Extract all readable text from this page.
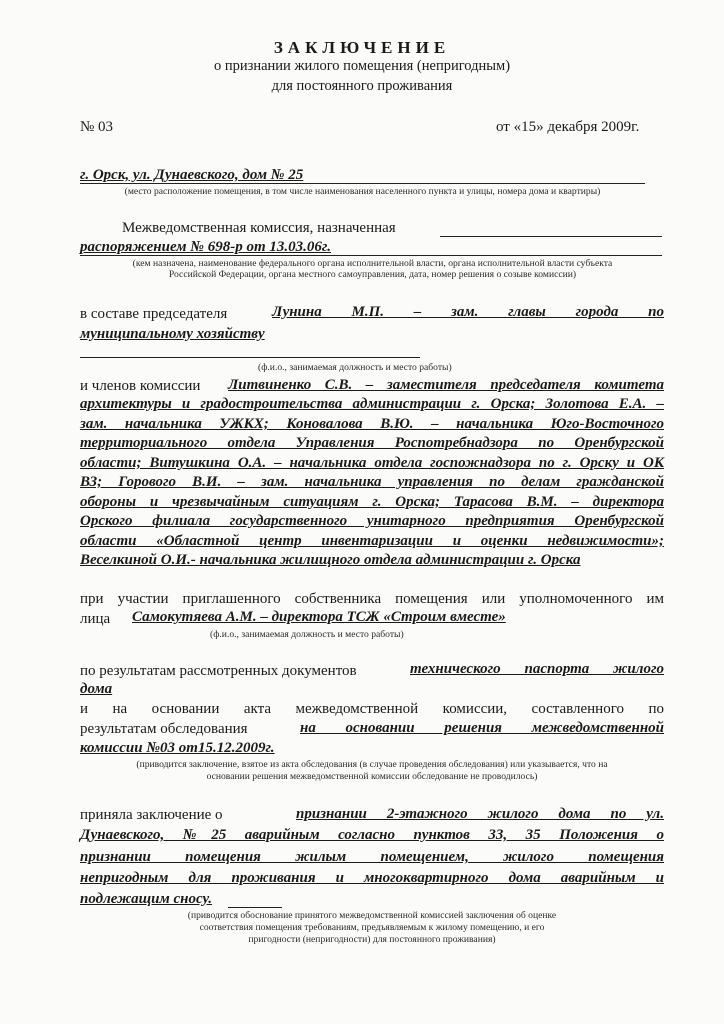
ЗАКЛЮЧЕНИЕ
о признании жилого помещения (непригодным)
для постоянного проживания
№ 03	от «15» декабря 2009г.
г. Орск, ул. Дунаевского, дом № 25
(место расположение помещения, в том числе наименования населенного пункта и улицы, номера дома и квартиры)
Межведомственная комиссия, назначенная
распоряжением № 698-р от 13.03.06г.
(кем назначена, наименование федерального органа исполнительной власти, органа исполнительной власти субъекта
Российской Федерации, органа местного самоуправления, дата, номер решения о созыве комиссии)
в составе председателя	Лунина М.П. – зам. главы города по
муниципальному хозяйству
(ф.и.о., занимаемая должность и место работы)
и членов комиссии Литвиненко С.В. – заместителя председателя комитета
архитектуры и градостроительства администрации г. Орска; Золотова Е.А. –
зам. начальника УЖКХ; Коновалова В.Ю. – начальника Юго-Восточного
территориального отдела Управления Роспотребнадзора по Оренбургской
области; Витушкина О.А. – начальника отдела госпожнадзора по г. Орску и ОК
ВЗ; Горового В.И. – зам. начальника управления по делам гражданской
обороны и чрезвычайным ситуациям г. Орска; Тарасова В.М. – директора
Орского филиала государственного унитарного предприятия Оренбургской
области «Областной центр инвентаризации и оценки недвижимости»;
Веселкиной О.И.- начальника жилищного отдела администрации г. Орска
при участии приглашенного собственника помещения или уполномоченного им
лица Самокутяева А.М. – директора ТСЖ «Строим вместе»
(ф.и.о., занимаемая должность и место работы)
по результатам рассмотренных документов	технического паспорта жилого
дома
и на основании акта межведомственной комиссии, составленного по
результатам обследования	на основании решения межведомственной
комиссии №03 от15.12.2009г.
(приводится заключение, взятое из акта обследования (в случае проведения обследования) или указывается, что на
основании решения межведомственной комиссии обследование не проводилось)
приняла заключение о	признании 2-этажного жилого дома по ул.
Дунаевского, №25 аварийным согласно пунктов 33, 35 Положения о
признании помещения жилым помещением, жилого помещения
непригодным для проживания и многоквартирного дома аварийным и
подлежащим сносу.
(приводится обоснование принятого межведомственной комиссией заключения об оценке
соответствия помещения требованиям, предъявляемым к жилому помещению, и его
пригодности (непригодности) для постоянного проживания)
